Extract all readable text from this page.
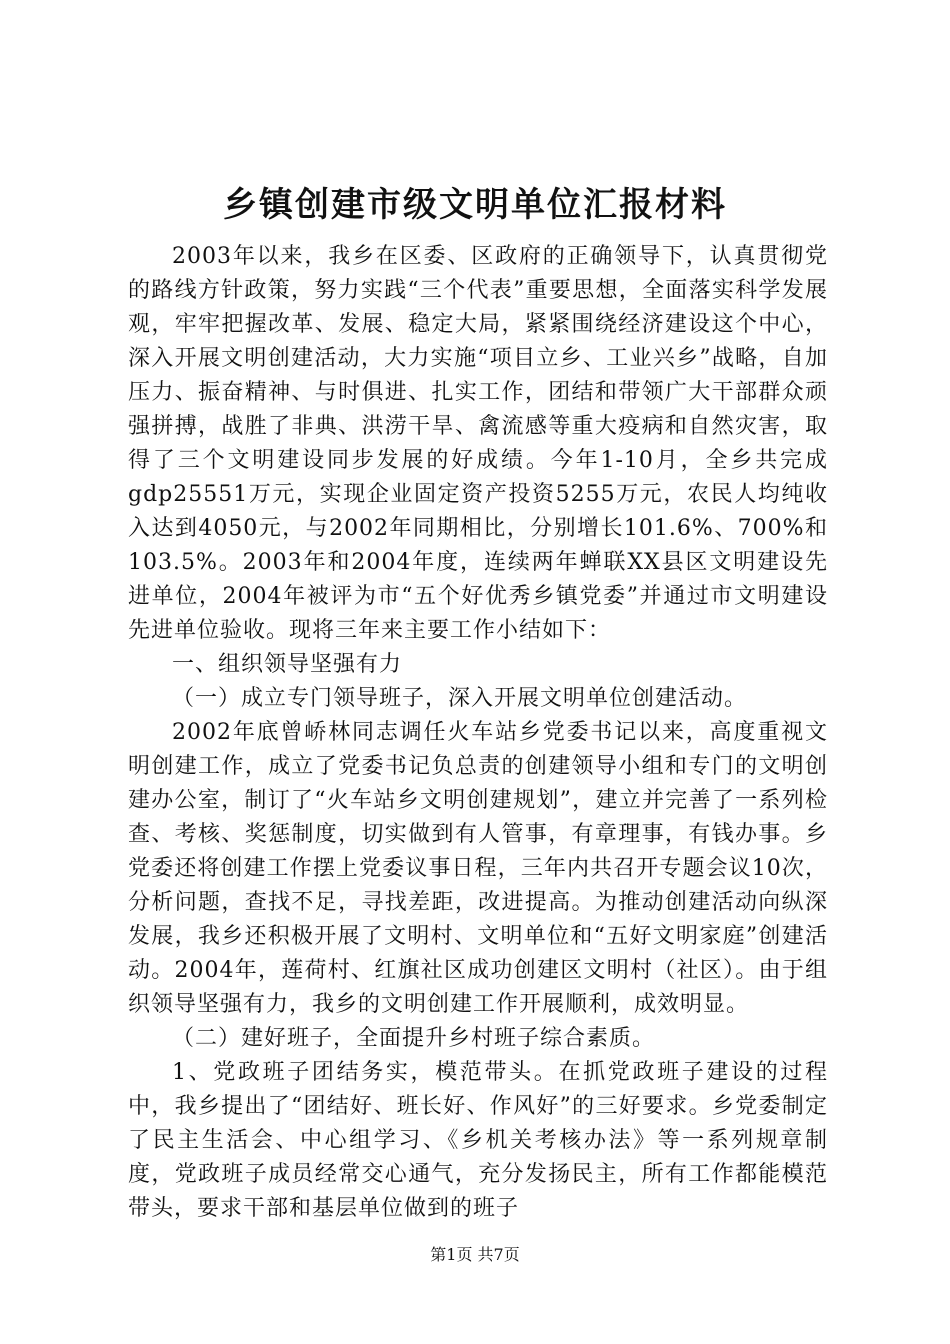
乡镇创建市级文明单位汇报材料

2003年以来，我乡在区委、区政府的正确领导下，认真贯彻党的路线方针政策，努力实践“三个代表”重要思想，全面落实科学发展观，牢牢把握改革、发展、稳定大局，紧紧围绕经济建设这个中心，深入开展文明创建活动，大力实施“项目立乡、工业兴乡”战略，自加压力、振奋精神、与时俱进、扎实工作，团结和带领广大干部群众顽强拼搏，战胜了非典、洪涝干旱、禽流感等重大疫病和自然灾害，取得了三个文明建设同步发展的好成绩。今年1-10月，全乡共完成gdp25551万元，实现企业固定资产投资5255万元，农民人均纯收入达到4050元，与2002年同期相比，分别增长101.6%、700%和103.5%。2003年和2004年度，连续两年蝉联XX县区文明建设先进单位，2004年被评为市“五个好优秀乡镇党委”并通过市文明建设先进单位验收。现将三年来主要工作小结如下：

一、组织领导坚强有力

（一）成立专门领导班子，深入开展文明单位创建活动。

2002年底曾峤林同志调任火车站乡党委书记以来，高度重视文明创建工作，成立了党委书记负总责的创建领导小组和专门的文明创建办公室，制订了“火车站乡文明创建规划”，建立并完善了一系列检查、考核、奖惩制度，切实做到有人管事，有章理事，有钱办事。乡党委还将创建工作摆上党委议事日程，三年内共召开专题会议10次，分析问题，查找不足，寻找差距，改进提高。为推动创建活动向纵深发展，我乡还积极开展了文明村、文明单位和“五好文明家庭”创建活动。2004年，莲荷村、红旗社区成功创建区文明村（社区）。由于组织领导坚强有力，我乡的文明创建工作开展顺利，成效明显。

（二）建好班子，全面提升乡村班子综合素质。

1、党政班子团结务实，模范带头。在抓党政班子建设的过程中，我乡提出了“团结好、班长好、作风好”的三好要求。乡党委制定了民主生活会、中心组学习、《乡机关考核办法》等一系列规章制度，党政班子成员经常交心通气，充分发扬民主，所有工作都能模范带头，要求干部和基层单位做到的班子

第1页 共7页
